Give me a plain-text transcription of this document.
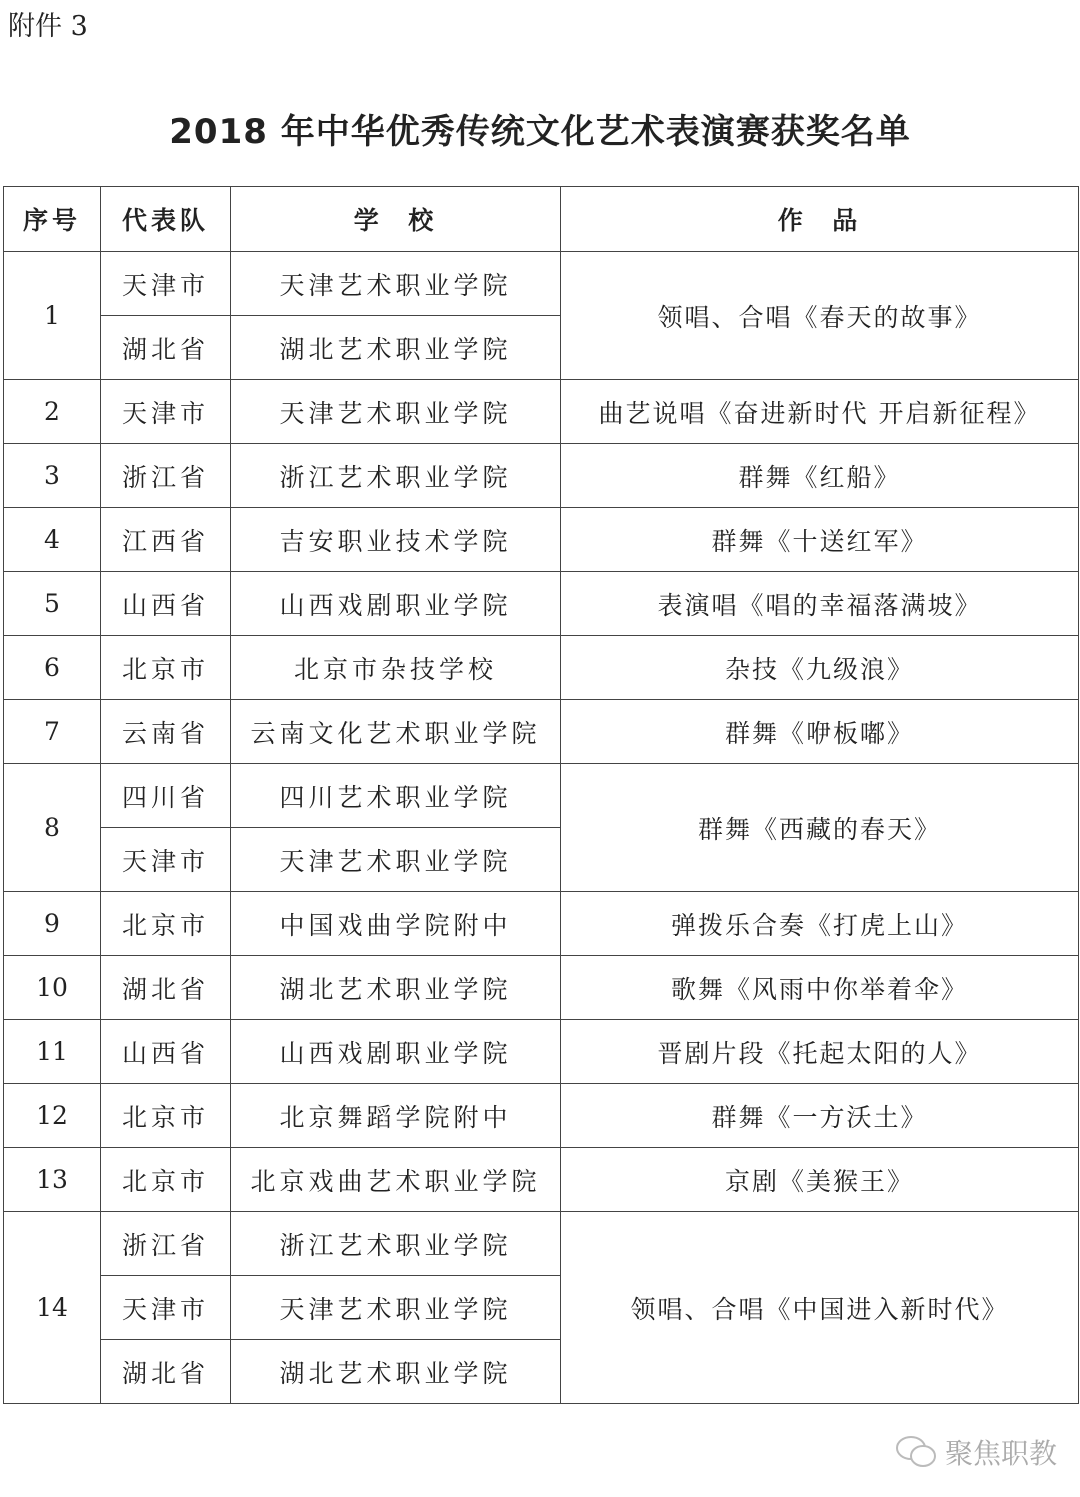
附件 3
2018 年中华优秀传统文化艺术表演赛获奖名单
序号	代表队	学  校	作  品
1	天津市	天津艺术职业学院	领唱、合唱《春天的故事》
	湖北省	湖北艺术职业学院	
2	天津市	天津艺术职业学院	曲艺说唱《奋进新时代 开启新征程》
3	浙江省	浙江艺术职业学院	群舞《红船》
4	江西省	吉安职业技术学院	群舞《十送红军》
5	山西省	山西戏剧职业学院	表演唱《唱的幸福落满坡》
6	北京市	北京市杂技学校	杂技《九级浪》
7	云南省	云南文化艺术职业学院	群舞《咿板嘟》
8	四川省	四川艺术职业学院	群舞《西藏的春天》
	天津市	天津艺术职业学院	
9	北京市	中国戏曲学院附中	弹拨乐合奏《打虎上山》
10	湖北省	湖北艺术职业学院	歌舞《风雨中你举着伞》
11	山西省	山西戏剧职业学院	晋剧片段《托起太阳的人》
12	北京市	北京舞蹈学院附中	群舞《一方沃土》
13	北京市	北京戏曲艺术职业学院	京剧《美猴王》
14	浙江省	浙江艺术职业学院	领唱、合唱《中国进入新时代》
	天津市	天津艺术职业学院	
	湖北省	湖北艺术职业学院	
聚焦职教
